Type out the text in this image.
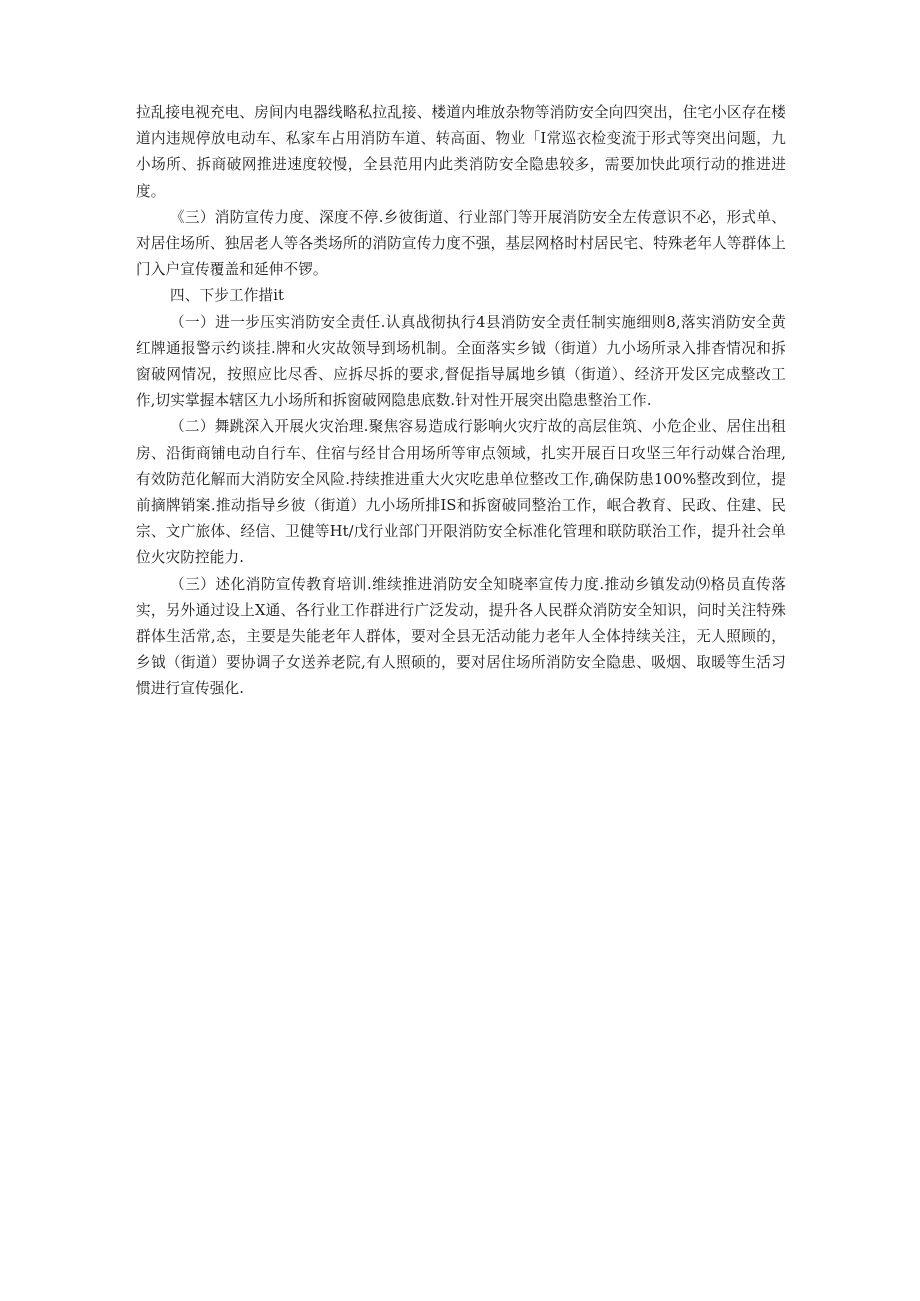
拉乱接电视充电、房间内电器线略私拉乱接、楼道内堆放杂物等消防安全向四突出，住宅小区存在楼道内违规停放电动车、私家车占用消防车道、转高面、物业「I常巡衣检变流于形式等突出问题，九小场所、拆商破网推进速度较慢，全县范用内此类消防安全隐患较多，需要加快此项行动的推进进度。

《三）消防宣传力度、深度不停.乡彼街道、行业部门等开展消防安全左传意识不必，形式单、对居住场所、独居老人等各类场所的消防宣传力度不强，基层网格时村居民宅、特殊老年人等群体上门入户宣传覆盖和延伸不锣。

四、下步工作措it

（一）进一步压实消防安全责任.认真战彻执行4县消防安全责任制实施细则8,落实消防安全黄红牌通报警示约谈挂.牌和火灾故领导到场机制。全面落实乡钺（街道）九小场所录入排杳情况和拆窗破网情况，按照应比尽香、应拆尽拆的要求,督促指导属地乡镇（街道）、经济开发区完成整改工作,切实掌握本辖区九小场所和拆窗破网隐患底数.针对性开展突出隐患整治工作.

（二）舞跳深入开展火灾治理.聚焦容易造成行影响火灾疔故的高层隹筑、小危企业、居住出租房、沿街商铺电动自行车、住宿与经甘合用场所等审点领域，扎实开展百日攻坚三年行动媒合治理,有效防范化解而大消防安全风险.持续推进重大火灾吃患单位整改工作,确保防患100%整改到位，提前摘牌销案.推动指导乡彼（街道）九小场所排IS和拆窗破同整治工作，岷合教育、民政、住建、民宗、文广旅体、经信、卫健等Ht/戊行业部门开限消防安全标准化管理和联防联治工作，提升社会单位火灾防控能力.

（三）述化消防宣传教育培训.维续推进消防安全知晓率宣传力度.推动乡镇发动⑼格员直传落实，另外通过设上X通、各行业工作群进行广泛发动，提升各人民群众消防安全知识，问时关注特殊群体生活常,态，主要是失能老年人群体，要对全县无活动能力老年人全体持续关注，无人照顾的，乡钺（街道）要协调子女送养老院,有人照硕的，要对居住场所消防安全隐患、吸烟、取暖等生活习惯进行宣传强化.
